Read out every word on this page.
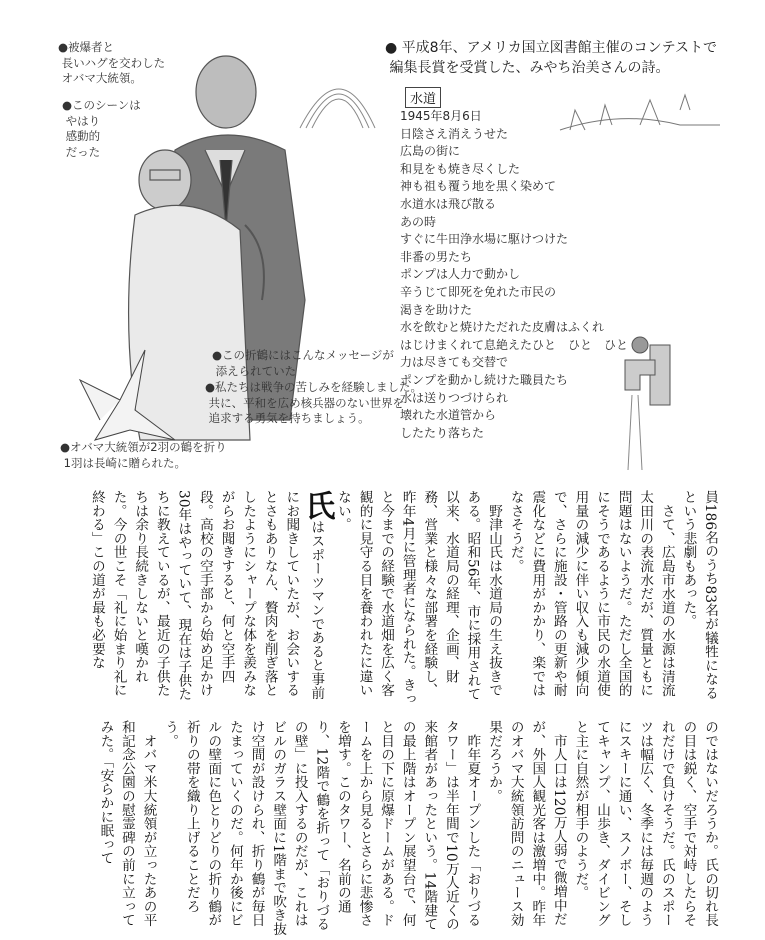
●被爆者と
長いハグを交わした
オバマ大統領。
●このシーンは
やはり
感動的
だった
● 平成8年、アメリカ国立図書館主催のコンテストで
編集長賞を受賞した、みやち治美さんの詩。
水道
1945年8月6日
日陰さえ消えうせた
広島の街に
和見をも焼き尽くした
神も祖も覆う地を黒く染めて
水道水は飛び散る
あの時
すぐに牛田浄水場に駆けつけた
非番の男たち
ポンプは人力で動かし
辛うじて即死を免れた市民の
渇きを助けた
水を飲むと焼けただれた皮膚はふくれ
はじけまくれて息絶えたひと　ひと　ひと
力は尽きても交替で
ポンプを動かし続けた職員たち
水は送りつづけられ
壊れた水道管から
したたり落ちた
●この折鶴にはこんなメッセージが
添えられていた
●私たちは戦争の苦しみを経験しました。
共に、平和を広め核兵器のない世界を
追求する勇気を持ちましょう。
●オバマ大統領が2羽の鶴を折り
1羽は長崎に贈られた。
員186名のうち83名が犠牲になるという悲劇もあった。
　さて、広島市水道の水源は清流太田川の表流水だが、質量ともに問題はないようだ。ただし全国的にそうであるように市民の水道使用量の減少に伴い収入も減少傾向で、さらに施設・管路の更新や耐震化などに費用がかかり、楽ではなさそうだ。
　野津山氏は水道局の生え抜きである。昭和56年、市に採用されて以来、水道局の経理、企画、財務、営業と様々な部署を経験し、昨年4月に管理者になられた。きっと今までの経験で水道畑を広く客観的に見守る目を養われたに違いない。
氏はスポーツマンであると事前にお聞きしていたが、お会いするとさもありなん、贅肉を削ぎ落としたようにシャープな体を羨みながらお聞きすると、何と空手四段。高校の空手部から始め足かけ30年はやっていて、現在は子供たちに教えているが、最近の子供たちは余り長続きしないと嘆かれた。今の世こそ「礼に始まり礼に終わる」この道が最も必要な
のではないだろうか。氏の切れ長の目は鋭く、空手で対峙したらそれだけで負けそうだ。氏のスポーツは幅広く、冬季には毎週のようにスキーに通い、スノボー、そしてキャンプ、山歩き、ダイビングと主に自然が相手のようだ。
　市人口は120万人弱で微増中だが、外国人観光客は激増中。昨年のオバマ大統領訪問のニュース効果だろうか。
　昨年夏オープンした「おりづるタワー」は半年間で10万人近くの来館者があったという。14階建ての最上階はオープン展望台で、何と目の下に原爆ドームがある。ドームを上から見るとさらに悲惨さを増す。このタワー、名前の通り、12階で鶴を折って「おりづるの壁」に投入するのだが、これはビルのガラス壁面に1階まで吹き抜け空間が設けられ、折り鶴が毎日たまっていくのだ。何年か後にビルの壁面に色とりどりの折り鶴が祈りの帯を織り上げることだろう。
　オバマ米大統領が立ったあの平和記念公園の慰霊碑の前に立ってみた。「安らかに眠って
